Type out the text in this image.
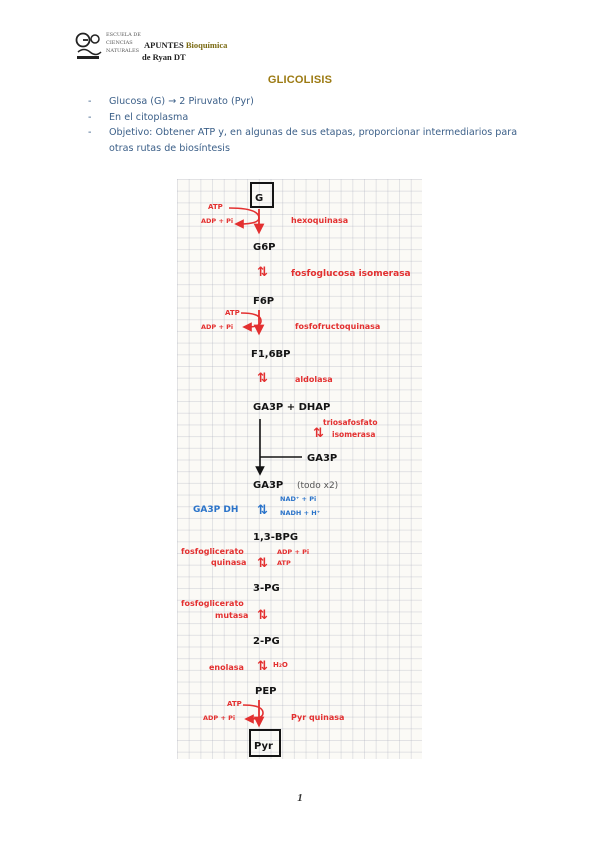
ESCUELA DE
CIENCIAS
NATURALES
APUNTES Bioquímica
de Ryan DT
GLICOLISIS
- Glucosa (G) → 2 Piruvato (Pyr)
- En el citoplasma
- Objetivo: Obtener ATP y, en algunas de sus etapas, proporcionar intermediarios para otras rutas de biosíntesis
G
ATP
ADP + Pi	hexoquinasa
G6P
⇅	fosfoglucosa isomerasa
F6P
ATP
ADP + Pi	fosfofructoquinasa
F1,6BP
⇅	aldolasa
GA3P + DHAP
GA3P
⇅
triosafosfato
isomerasa
GA3P (todo x2)
GA3P DH ⇅
NAD⁺ + Pi
NADH + H⁺
1,3-BPG
fosfoglicerato
quinasa ⇅
ADP + Pi
ATP
3-PG
fosfoglicerato
mutasa ⇅
2-PG
enolasa ⇅ H₂O
PEP
ATP
ADP + Pi	Pyr quinasa
Pyr
1
